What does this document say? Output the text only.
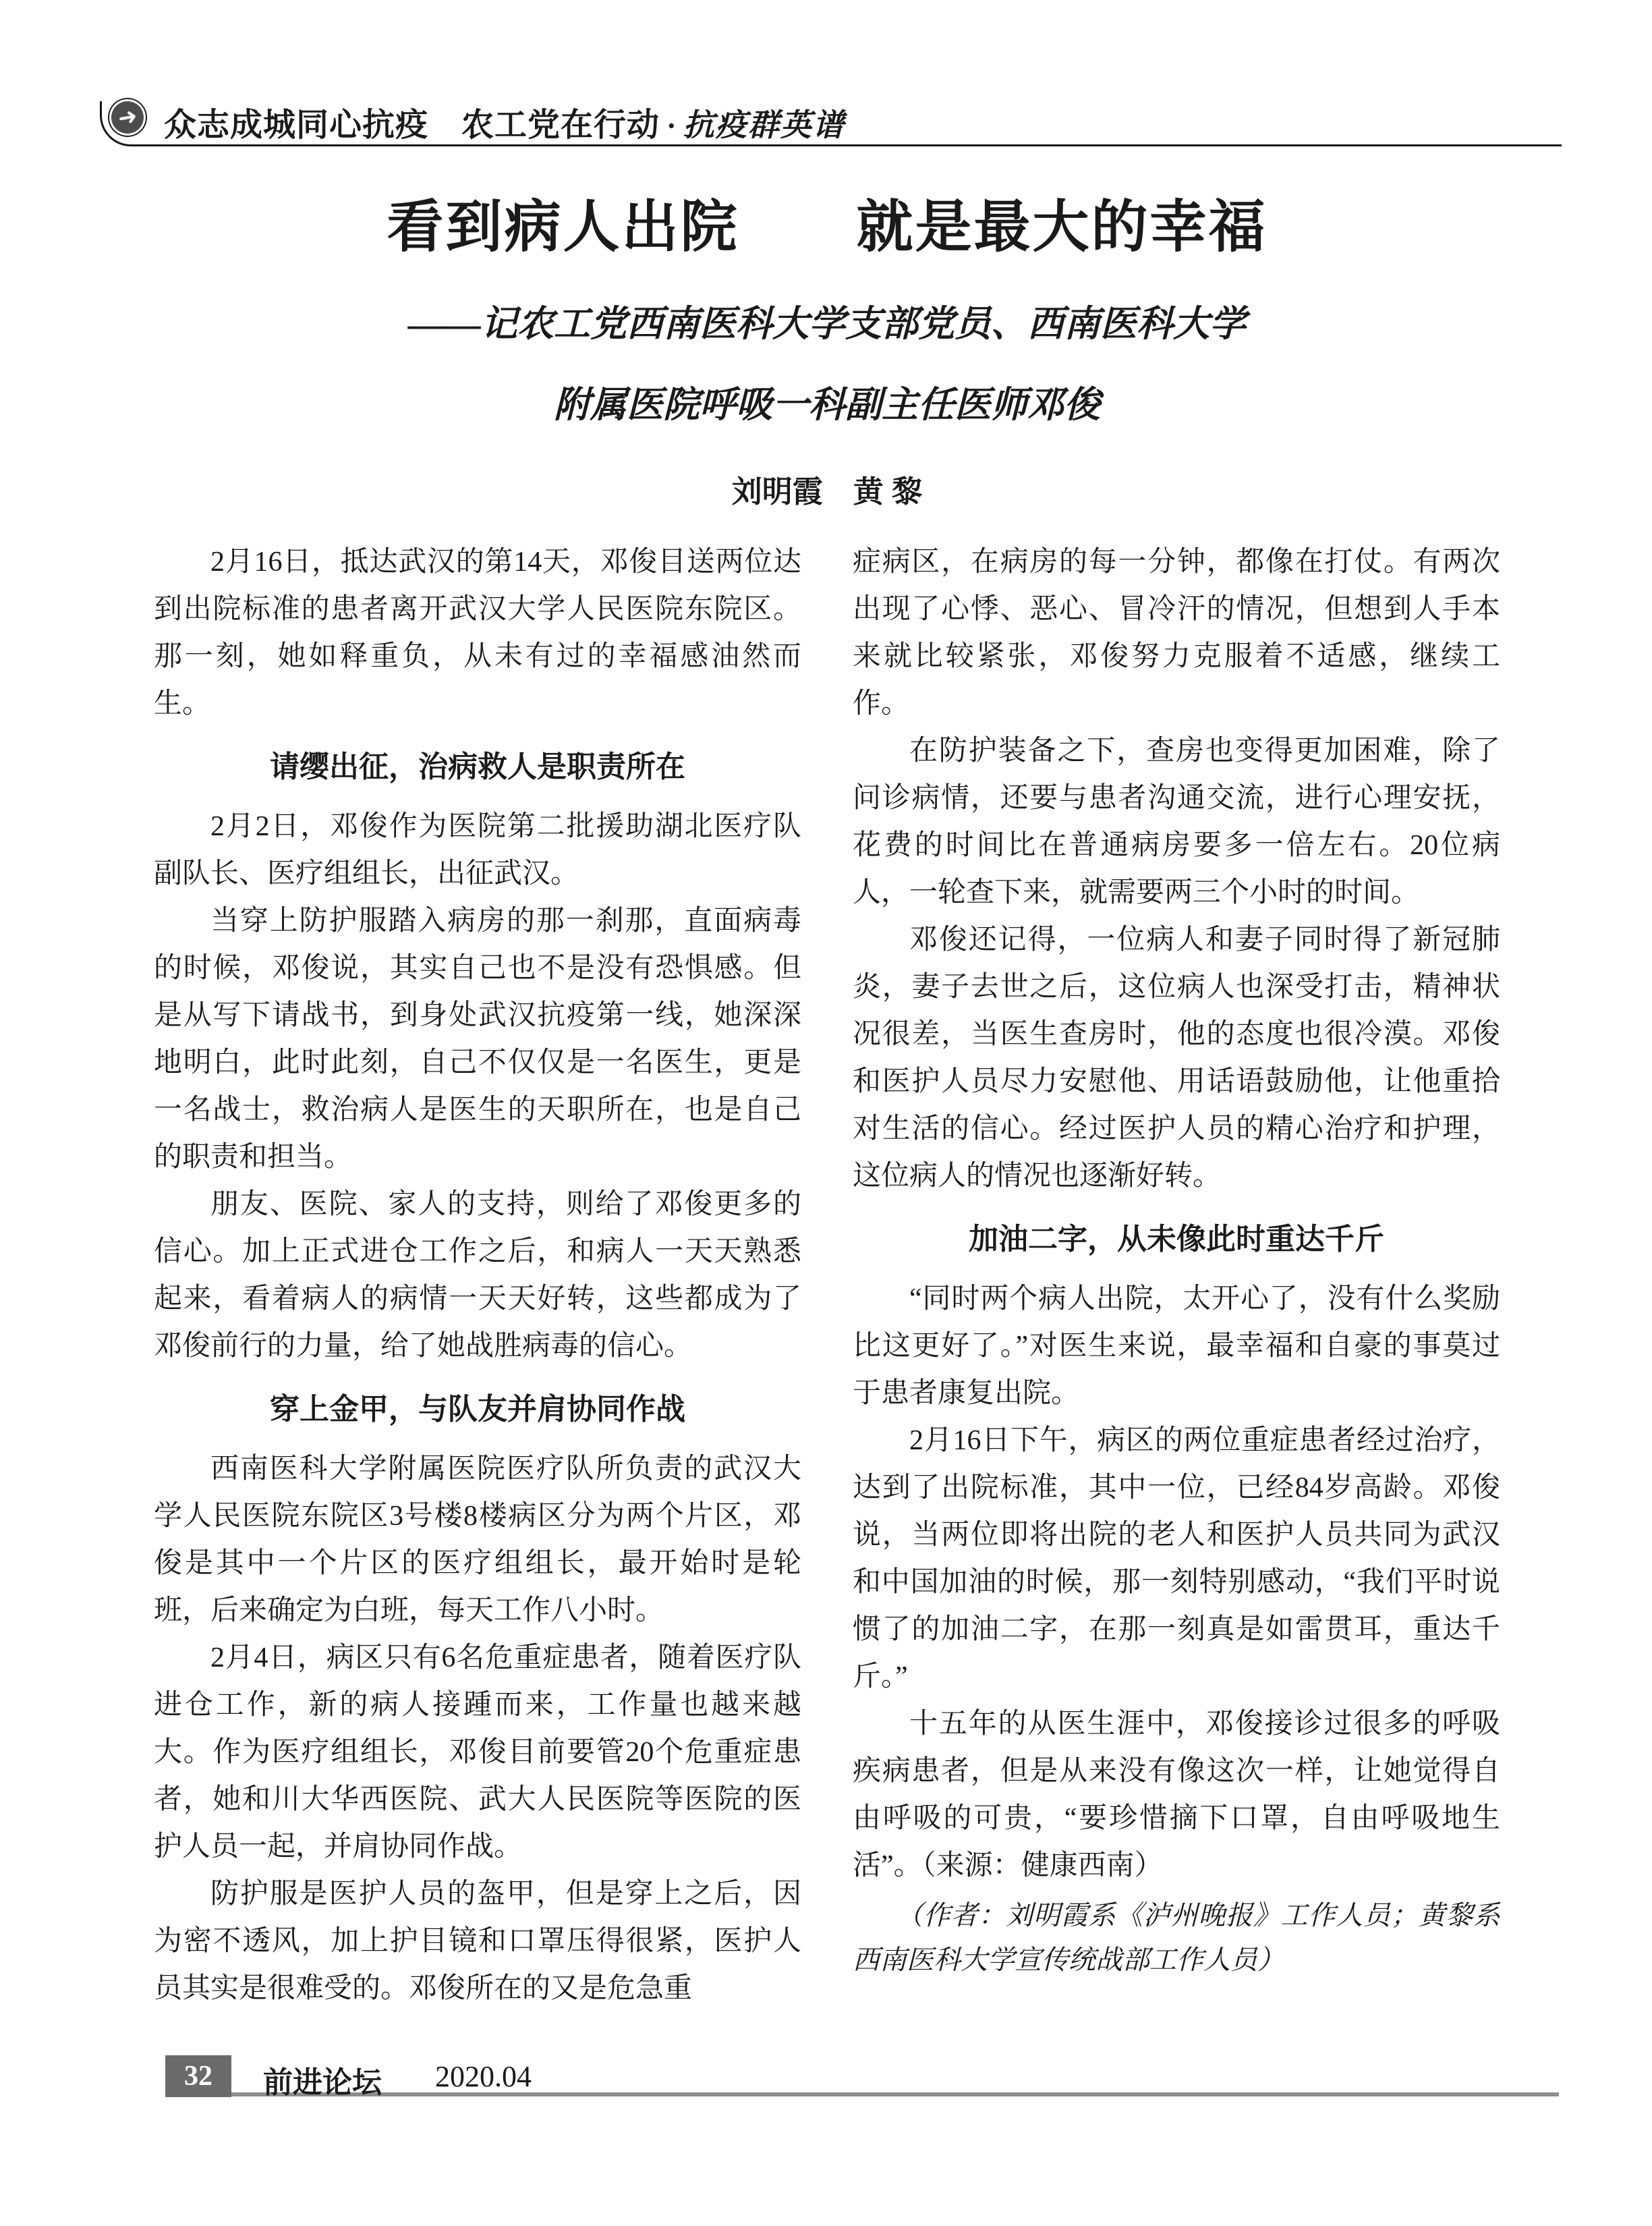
➜ 众志成城同心抗疫　农工党在行动 · 抗疫群英谱
看到病人出院　　就是最大的幸福
——记农工党西南医科大学支部党员、西南医科大学
附属医院呼吸一科副主任医师邓俊
刘明霞　黄 黎

2月16日，抵达武汉的第14天，邓俊目送两位达到出院标准的患者离开武汉大学人民医院东院区。那一刻，她如释重负，从未有过的幸福感油然而生。

请缨出征，治病救人是职责所在

2月2日，邓俊作为医院第二批援助湖北医疗队副队长、医疗组组长，出征武汉。

当穿上防护服踏入病房的那一刹那，直面病毒的时候，邓俊说，其实自己也不是没有恐惧感。但是从写下请战书，到身处武汉抗疫第一线，她深深地明白，此时此刻，自己不仅仅是一名医生，更是一名战士，救治病人是医生的天职所在，也是自己的职责和担当。

朋友、医院、家人的支持，则给了邓俊更多的信心。加上正式进仓工作之后，和病人一天天熟悉起来，看着病人的病情一天天好转，这些都成为了邓俊前行的力量，给了她战胜病毒的信心。

穿上金甲，与队友并肩协同作战

西南医科大学附属医院医疗队所负责的武汉大学人民医院东院区3号楼8楼病区分为两个片区，邓俊是其中一个片区的医疗组组长，最开始时是轮班，后来确定为白班，每天工作八小时。

2月4日，病区只有6名危重症患者，随着医疗队进仓工作，新的病人接踵而来，工作量也越来越大。作为医疗组组长，邓俊目前要管20个危重症患者，她和川大华西医院、武大人民医院等医院的医护人员一起，并肩协同作战。

防护服是医护人员的盔甲，但是穿上之后，因为密不透风，加上护目镜和口罩压得很紧，医护人员其实是很难受的。邓俊所在的又是危急重

症病区，在病房的每一分钟，都像在打仗。有两次出现了心悸、恶心、冒冷汗的情况，但想到人手本来就比较紧张，邓俊努力克服着不适感，继续工作。

在防护装备之下，查房也变得更加困难，除了问诊病情，还要与患者沟通交流，进行心理安抚，花费的时间比在普通病房要多一倍左右。20位病人，一轮查下来，就需要两三个小时的时间。

邓俊还记得，一位病人和妻子同时得了新冠肺炎，妻子去世之后，这位病人也深受打击，精神状况很差，当医生查房时，他的态度也很冷漠。邓俊和医护人员尽力安慰他、用话语鼓励他，让他重拾对生活的信心。经过医护人员的精心治疗和护理，这位病人的情况也逐渐好转。

加油二字，从未像此时重达千斤

“同时两个病人出院，太开心了，没有什么奖励比这更好了。”对医生来说，最幸福和自豪的事莫过于患者康复出院。

2月16日下午，病区的两位重症患者经过治疗，达到了出院标准，其中一位，已经84岁高龄。邓俊说，当两位即将出院的老人和医护人员共同为武汉和中国加油的时候，那一刻特别感动，“我们平时说惯了的加油二字，在那一刻真是如雷贯耳，重达千斤。”

十五年的从医生涯中，邓俊接诊过很多的呼吸疾病患者，但是从来没有像这次一样，让她觉得自由呼吸的可贵，“要珍惜摘下口罩，自由呼吸地生活”。（来源：健康西南）

（作者：刘明霞系《泸州晚报》工作人员；黄黎系西南医科大学宣传统战部工作人员）

32	前进论坛 2020.04
